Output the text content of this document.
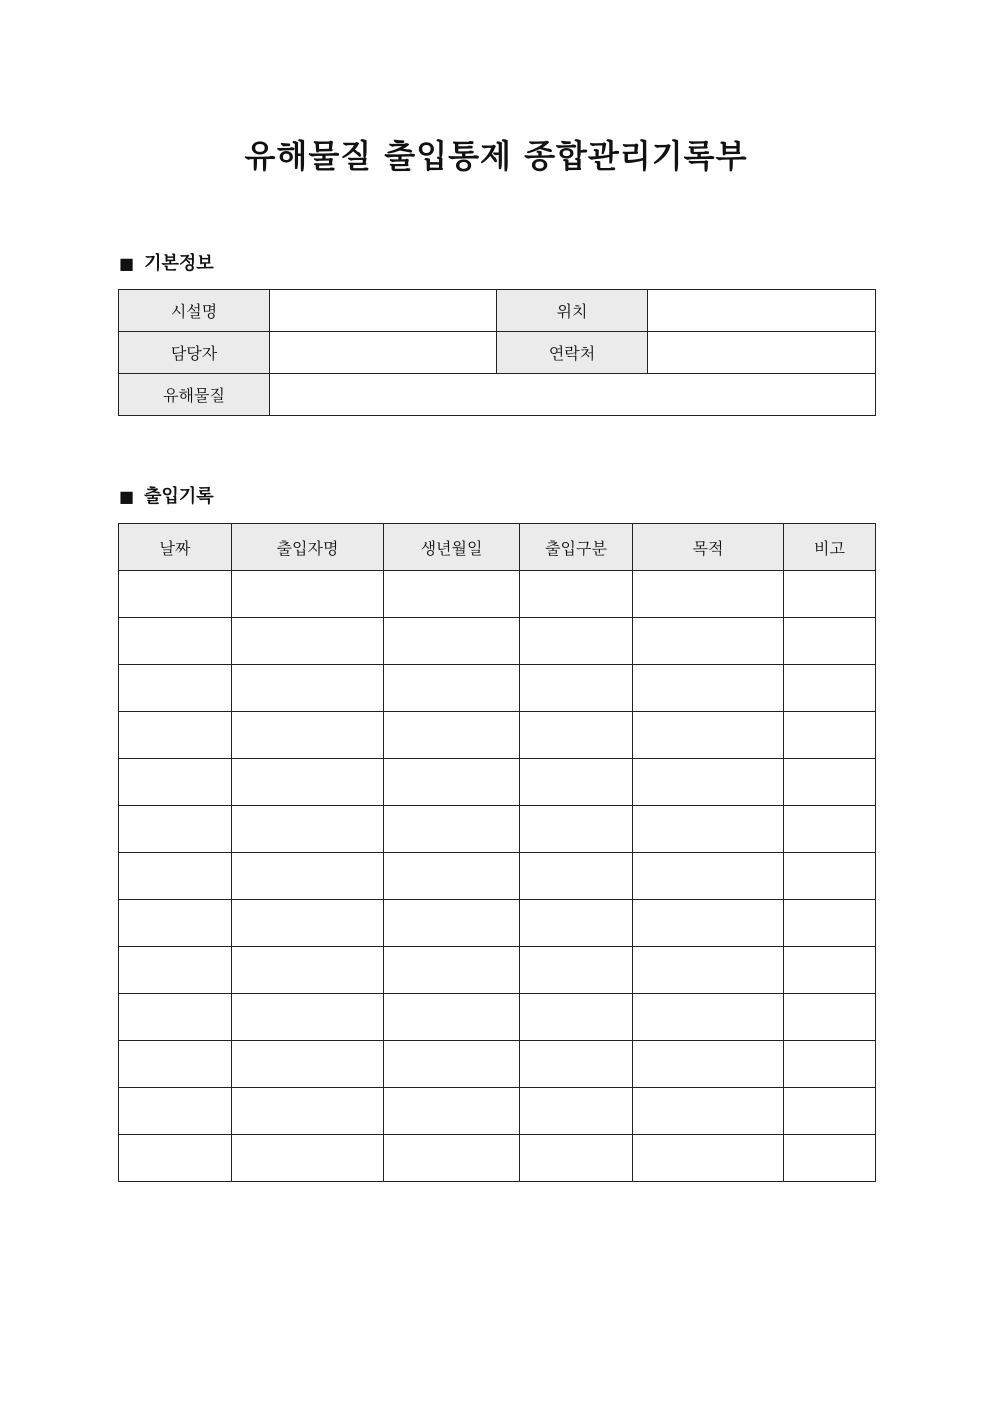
유해물질 출입통제 종합관리기록부
■ 기본정보
시설명		위치	
담당자		연락처	
유해물질			
■ 출입기록
날짜	출입자명	생년월일	출입구분	목적	비고
